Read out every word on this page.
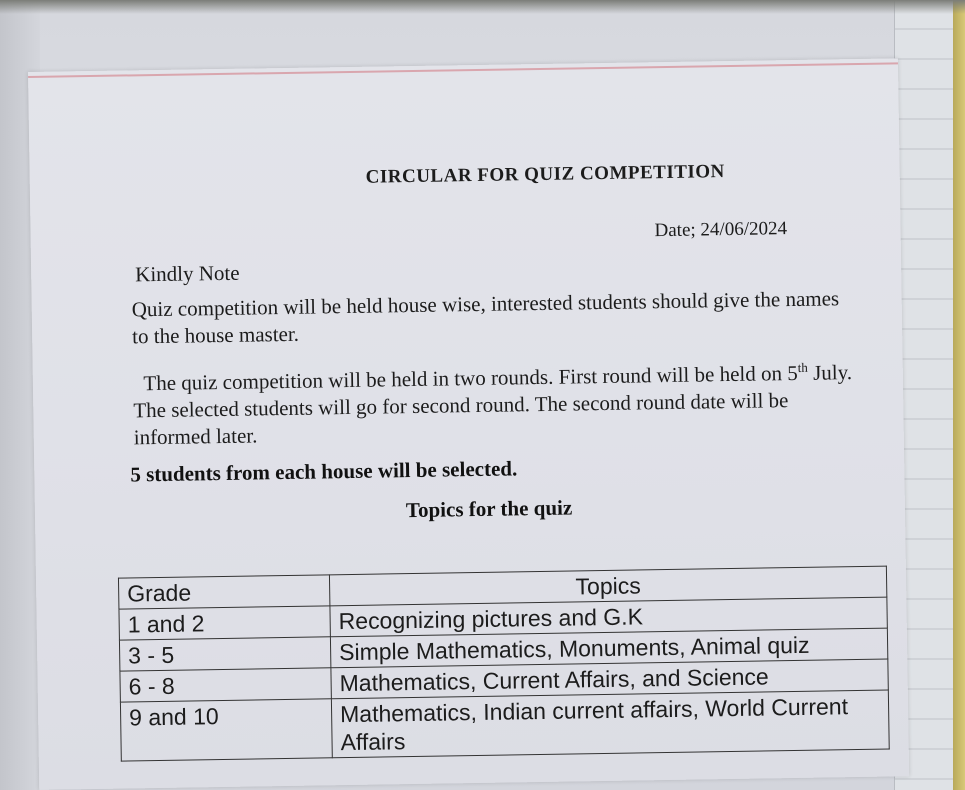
CIRCULAR FOR QUIZ COMPETITION
Date; 24/06/2024
Kindly Note
Quiz competition will be held house wise, interested students should give the names to the house master.
The quiz competition will be held in two rounds. First round will be held on 5th July. The selected students will go for second round. The second round date will be informed later.
5 students from each house will be selected.
Topics for the quiz
Grade	Topics
1 and 2	Recognizing pictures and G.K
3 - 5	Simple Mathematics, Monuments, Animal quiz
6 - 8	Mathematics, Current Affairs, and Science
9 and 10	Mathematics, Indian current affairs, World Current Affairs
